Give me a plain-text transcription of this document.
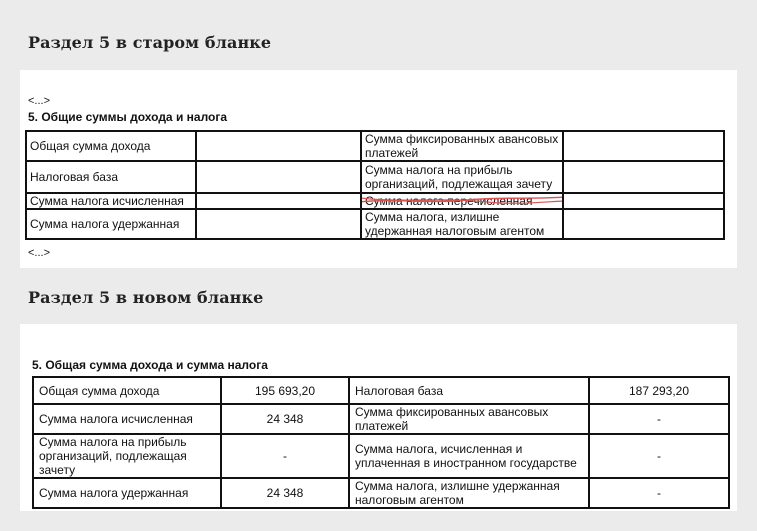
Раздел 5 в старом бланке
<...>
5. Общие суммы дохода и налога
Общая сумма дохода		Сумма фиксированных авансовых платежей	
Налоговая база		Сумма налога на прибыль организаций, подлежащая зачету	
Сумма налога исчисленная		Сумма налога перечисленная

Сумма налога удержанная		Сумма налога, излишне удержанная налоговым агентом	
<...>
Раздел 5 в новом бланке
5. Общая сумма дохода и сумма налога
Общая сумма дохода	195 693,20	Налоговая база	187 293,20
Сумма налога исчисленная	24 348	Сумма фиксированных авансовых платежей	-
Сумма налога на прибыль организаций, подлежащая зачету	-	Сумма налога, исчисленная и уплаченная в иностранном государстве	-
Сумма налога удержанная	24 348	Сумма налога, излишне удержанная налоговым агентом	-
